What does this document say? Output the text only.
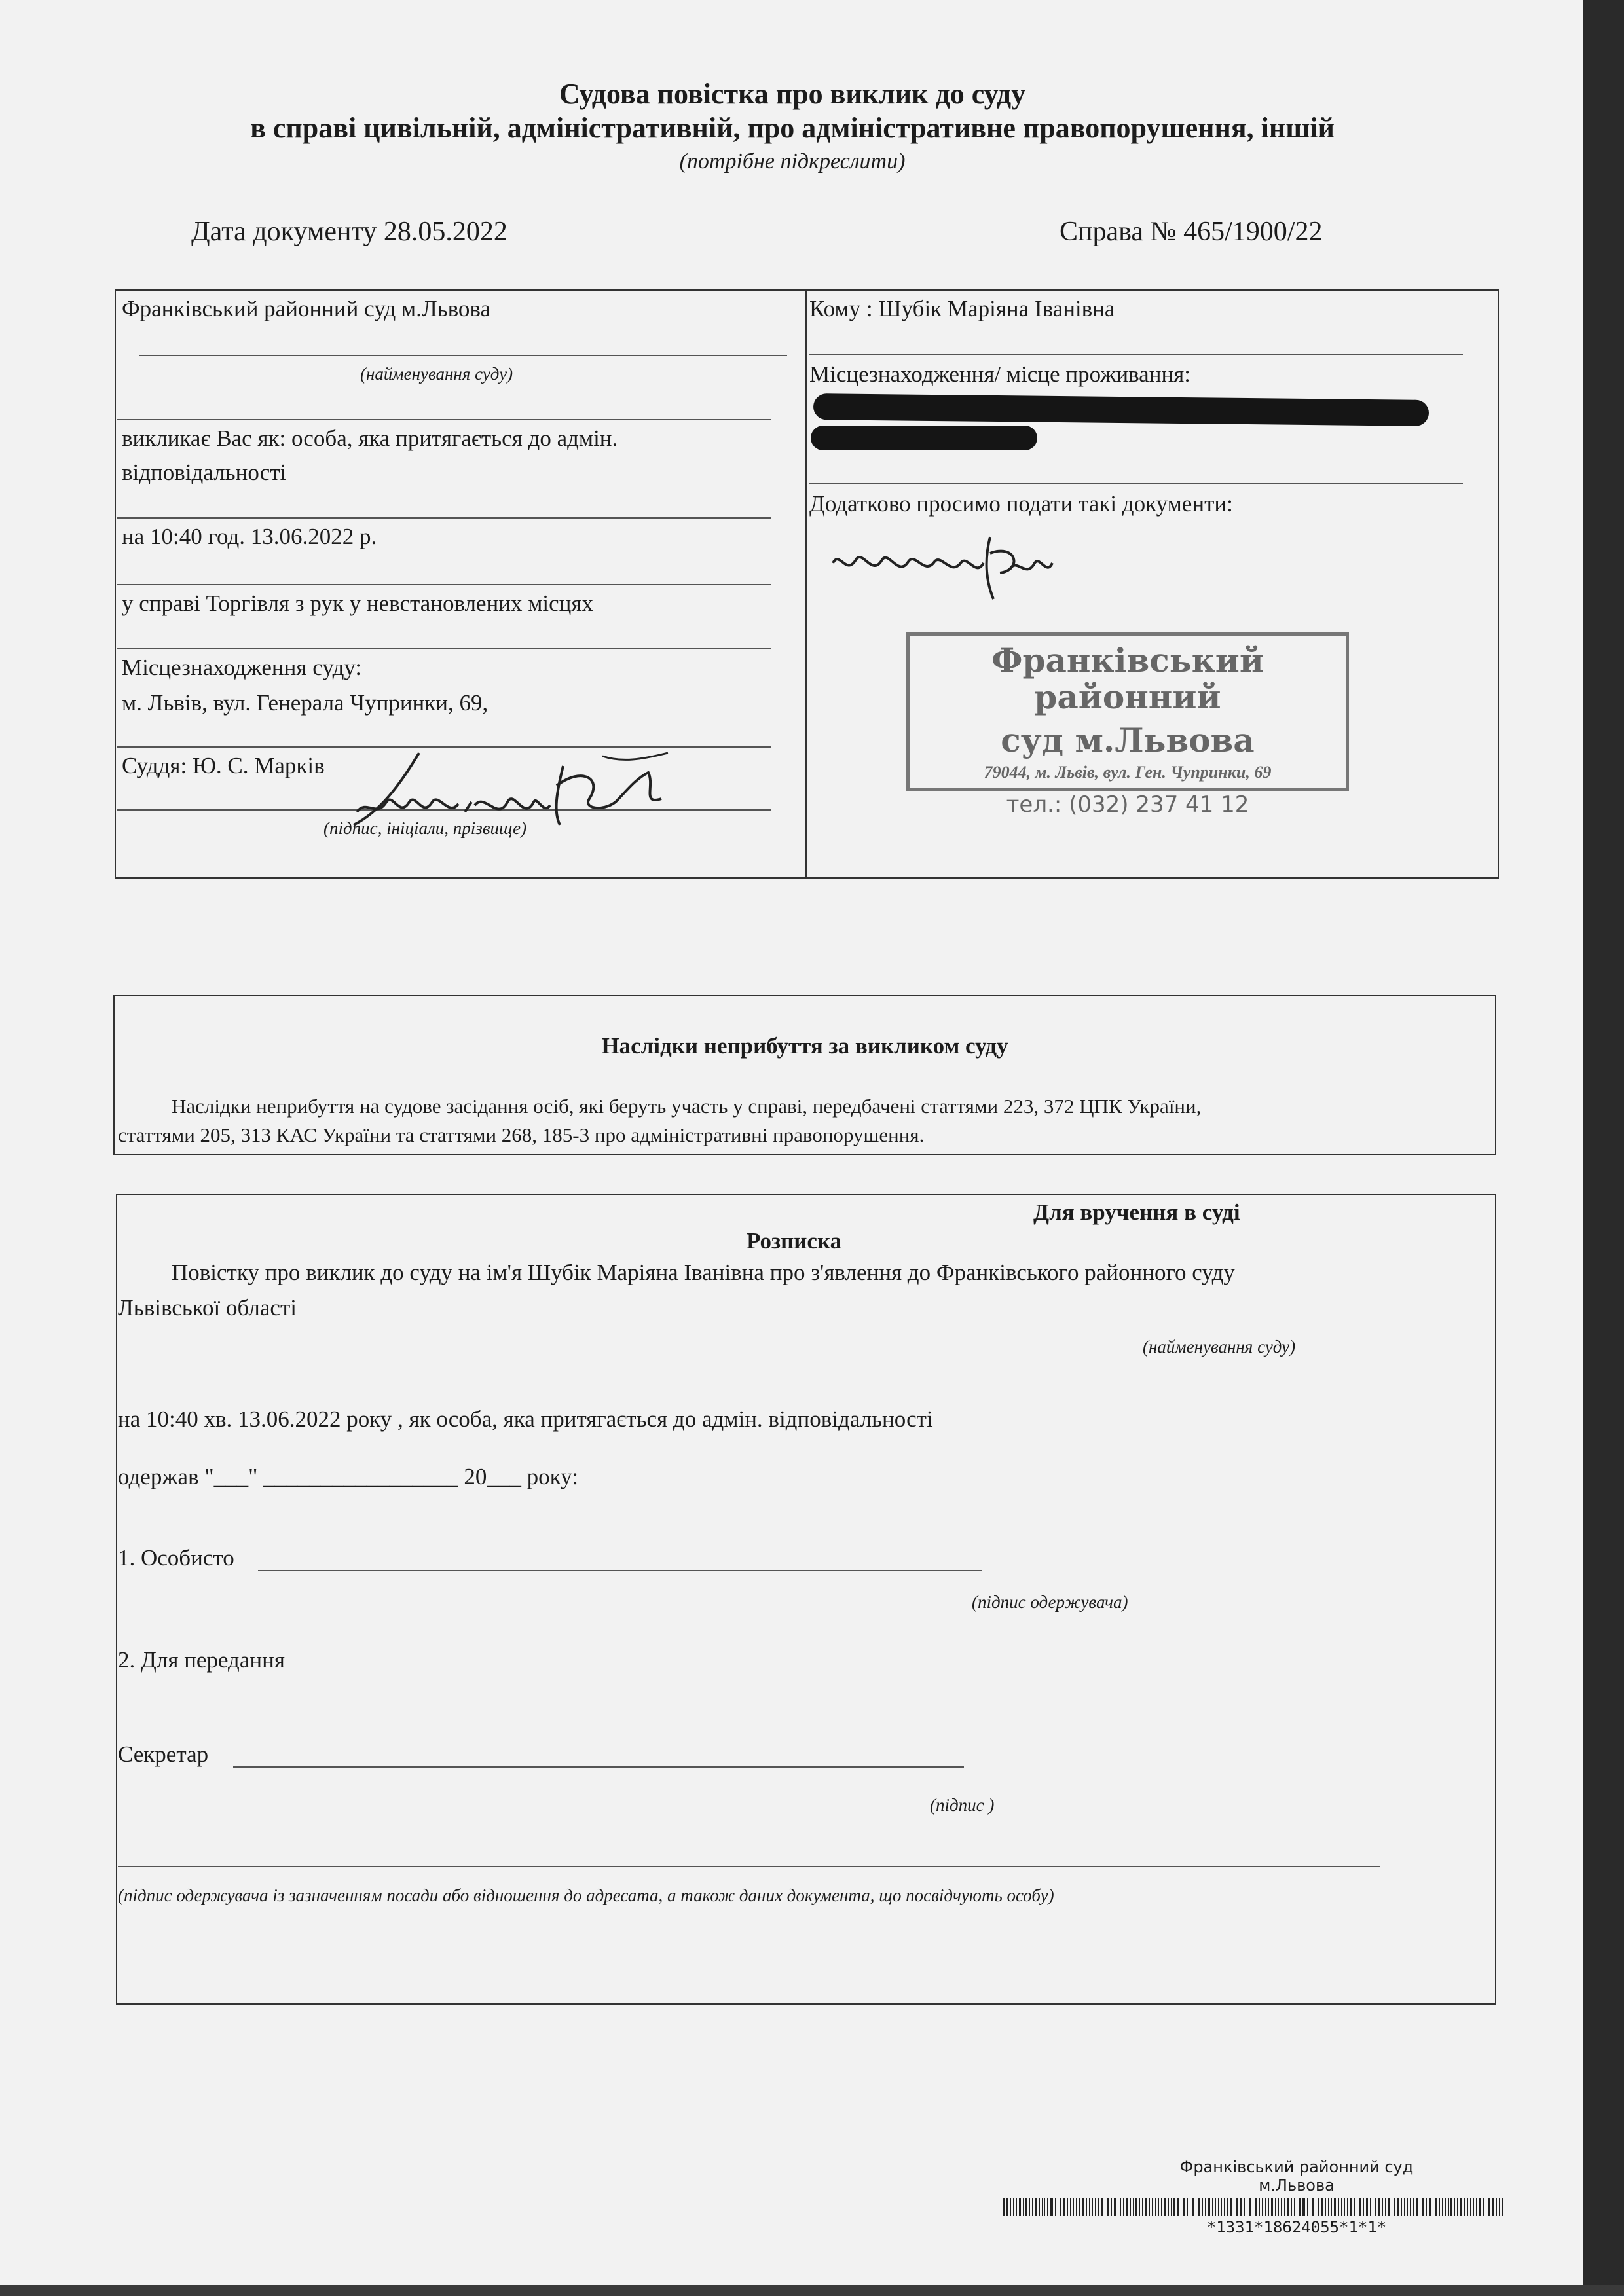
Судова повістка про виклик до суду
в справі цивільній, адміністративній, про адміністративне правопорушення, іншій
(потрібне підкреслити)
Дата документу 28.05.2022	Справа № 465/1900/22
Франківський районний суд м.Львова
(найменування суду)
викликає Вас як: особа, яка притягається до адмін.
відповідальності
на 10:40 год. 13.06.2022 р.
у справі Торгівля з рук у невстановлених місцях
Місцезнаходження суду:
м. Львів, вул. Генерала Чупринки, 69,
Суддя: Ю. С. Марків
(підпис, ініціали, прізвище)
Кому : Шубік Маріяна Іванівна
Місцезнаходження/ місце проживання:
Додатково просимо подати такі документи:
Франківський районний
суд м.Львова
79044, м. Львів, вул. Ген. Чупринки, 69
тел.: (032) 237 41 12
Наслідки неприбуття за викликом суду
Наслідки неприбуття на судове засідання осіб, які беруть участь у справі, передбачені статтями 223, 372 ЦПК України,
статтями 205, 313 КАС України та статтями 268, 185-3 про адміністративні правопорушення.
Для вручення в суді
Розписка
Повістку про виклик до суду на ім'я Шубік Маріяна Іванівна про з'явлення до Франківського районного суду
Львівської області
(найменування суду)
на 10:40 хв. 13.06.2022 року , як особа, яка притягається до адмін. відповідальності
одержав "___" _________________ 20___ року:
1. Особисто
(підпис одержувача)
2. Для передання
Секретар
(підпис )
(підпис одержувача із зазначенням посади або відношення до адресата, а також даних документа, що посвідчують особу)
Франківський районний суд
м.Львова
*1331*18624055*1*1*
